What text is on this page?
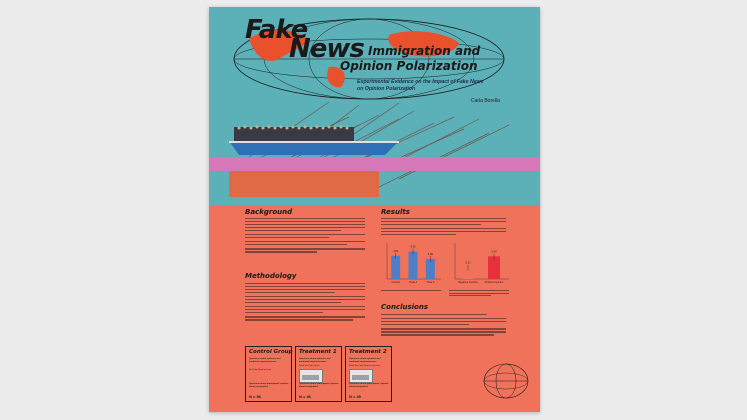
Fake
News Immigration and
Opinion Polarization
Experimental Evidence on the Impact of Fake News on Opinion Polarization
Carla Borella
Background
Methodology
Control Group
Questions about opinions and emotional responsiveness
No Fake-News to read
Questions about participants' opinion about immigration
N = 56
Treatment 1
Questions about opinions and emotional responsiveness
Read the Fake-News
Questions about participants' opinion about immigration
N = 46
Treatment 2
Questions about opinions and emotional responsiveness
Read the Fake-News & warning
Questions about participants' opinion about immigration
N = 49
Results
4.52
Control
5.35
Treat 1
3.89
Treat 2
0.22
Negative Opinion
0.44
Positive Opinion
Conclusions
